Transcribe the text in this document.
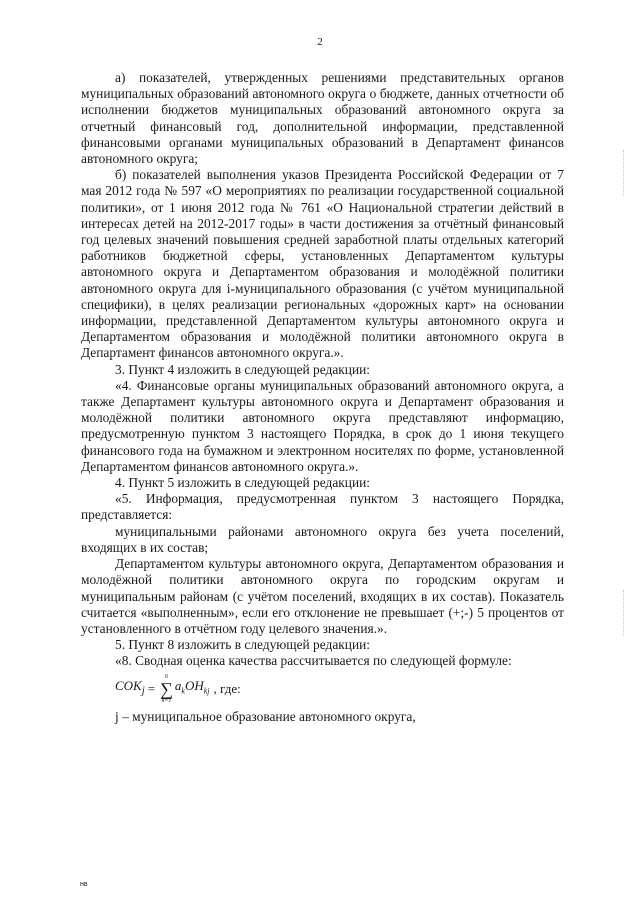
2

а) показателей, утвержденных решениями представительных органов муниципальных образований автономного округа о бюджете, данных отчетности об исполнении бюджетов муниципальных образований автономного округа за отчетный финансовый год, дополнительной информации, представленной финансовыми органами муниципальных образований в Департамент финансов автономного округа;

б) показателей выполнения указов Президента Российской Федерации от 7 мая 2012 года № 597 «О мероприятиях по реализации государственной социальной политики», от 1 июня 2012 года № 761 «О Национальной стратегии действий в интересах детей на 2012-2017 годы» в части достижения за отчётный финансовый год целевых значений повышения средней заработной платы отдельных категорий работников бюджетной сферы, установленных Департаментом культуры автономного округа и Департаментом образования и молодёжной политики автономного округа для i-муниципального образования (с учётом муниципальной специфики), в целях реализации региональных «дорожных карт» на основании информации, представленной Департаментом культуры автономного округа и Департаментом образования и молодёжной политики автономного округа в Департамент финансов автономного округа.».

3. Пункт 4 изложить в следующей редакции:

«4. Финансовые органы муниципальных образований автономного округа, а также Департамент культуры автономного округа и Департамент образования и молодёжной политики автономного округа представляют информацию, предусмотренную пунктом 3 настоящего Порядка, в срок до 1 июня текущего финансового года на бумажном и электронном носителях по форме, установленной Департаментом финансов автономного округа.».

4. Пункт 5 изложить в следующей редакции:

«5. Информация, предусмотренная пунктом 3 настоящего Порядка, представляется:

муниципальными районами автономного округа без учета поселений, входящих в их состав;

Департаментом культуры автономного округа, Департаментом образования и молодёжной политики автономного округа по городским округам и муниципальным районам (с учётом поселений, входящих в их состав). Показатель считается «выполненным», если его отклонение не превышает (+;-) 5 процентов от установленного в отчётном году целевого значения.».

5. Пункт 8 изложить в следующей редакции:

«8. Сводная оценка качества рассчитывается по следующей формуле:

$СОК_j$ =
6
∑
k=1
$a_kOH_{kj}$ , где:

j – муниципальное образование автономного округа,

нв
